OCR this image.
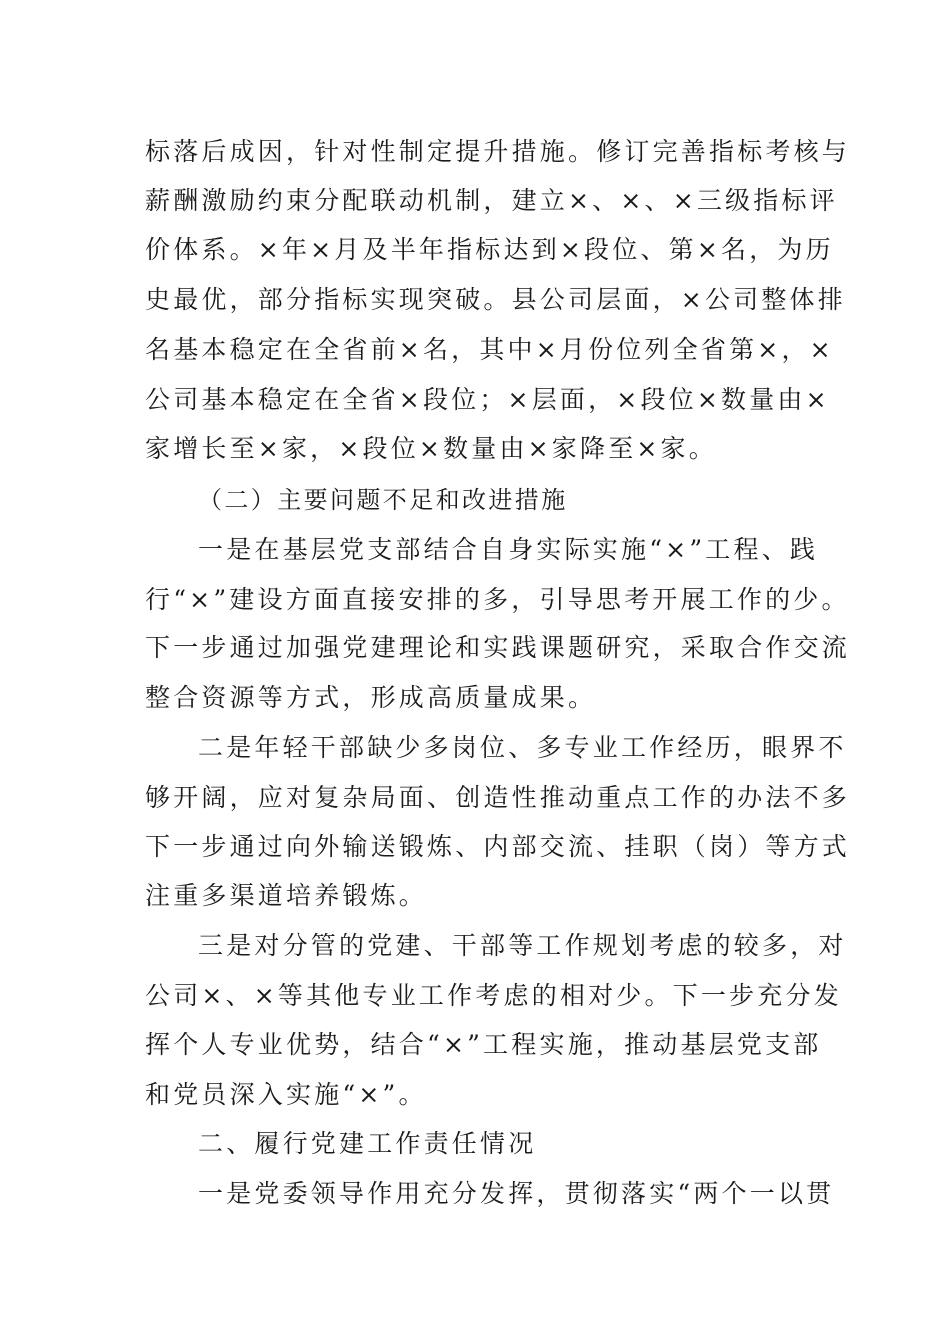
标落后成因，针对性制定提升措施。修订完善指标考核与
薪酬激励约束分配联动机制，建立×、×、×三级指标评
价体系。×年×月及半年指标达到×段位、第×名，为历
史最优，部分指标实现突破。县公司层面，×公司整体排
名基本稳定在全省前×名，其中×月份位列全省第×，×
公司基本稳定在全省×段位；×层面，×段位×数量由×
家增长至×家，×段位×数量由×家降至×家。
（二）主要问题不足和改进措施
一是在基层党支部结合自身实际实施“×”工程、践
行“×”建设方面直接安排的多，引导思考开展工作的少。
下一步通过加强党建理论和实践课题研究，采取合作交流
整合资源等方式，形成高质量成果。
二是年轻干部缺少多岗位、多专业工作经历，眼界不
够开阔，应对复杂局面、创造性推动重点工作的办法不多
下一步通过向外输送锻炼、内部交流、挂职（岗）等方式
注重多渠道培养锻炼。
三是对分管的党建、干部等工作规划考虑的较多，对
公司×、×等其他专业工作考虑的相对少。下一步充分发
挥个人专业优势，结合“×”工程实施，推动基层党支部
和党员深入实施“×”。
二、履行党建工作责任情况
一是党委领导作用充分发挥，贯彻落实“两个一以贯
